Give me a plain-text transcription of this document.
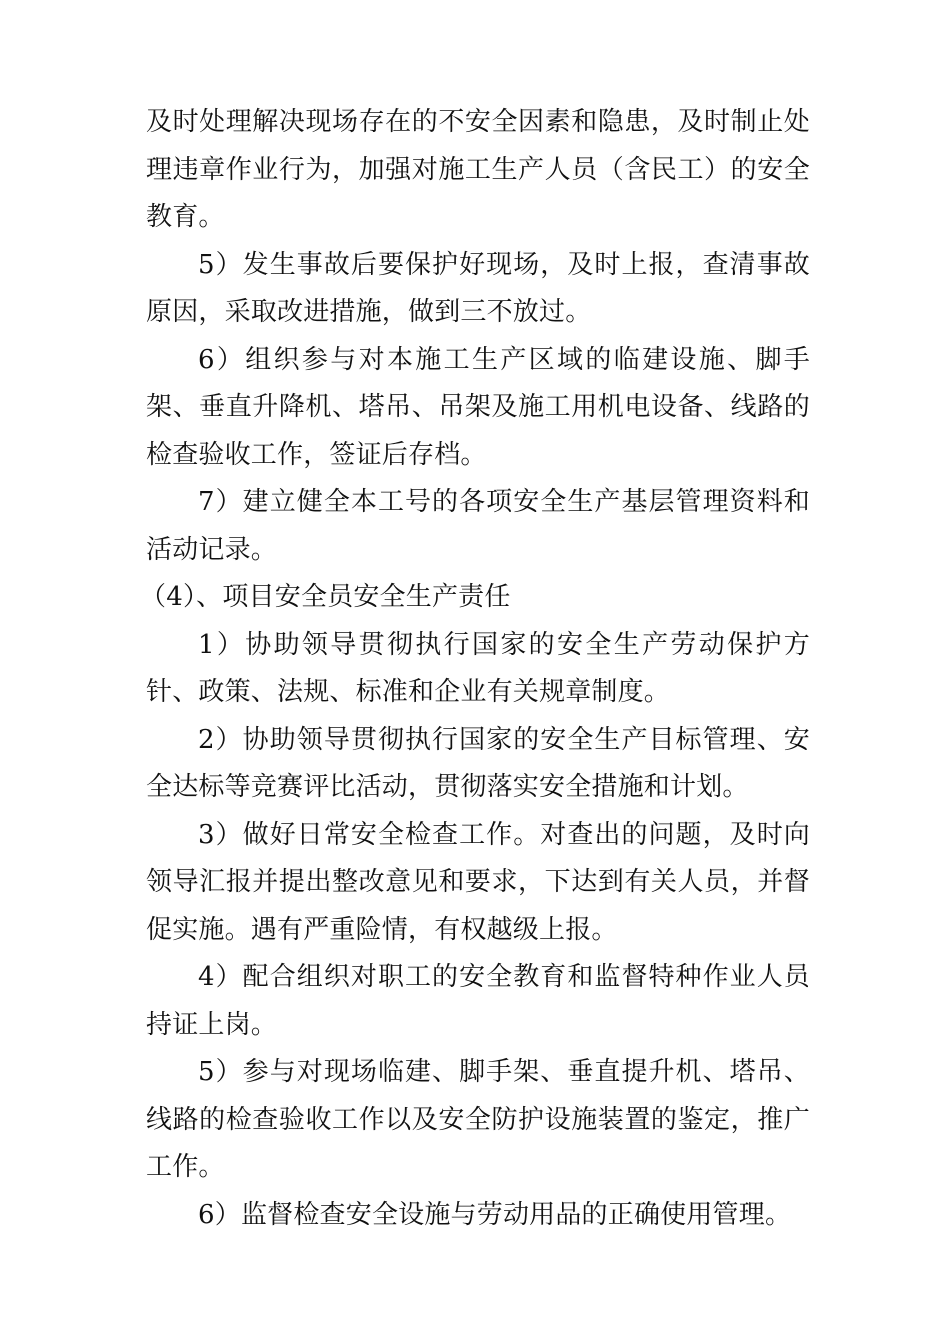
及时处理解决现场存在的不安全因素和隐患，及时制止处理违章作业行为，加强对施工生产人员（含民工）的安全教育。

5）发生事故后要保护好现场，及时上报，查清事故原因，采取改进措施，做到三不放过。

6）组织参与对本施工生产区域的临建设施、脚手架、垂直升降机、塔吊、吊架及施工用机电设备、线路的检查验收工作，签证后存档。

7）建立健全本工号的各项安全生产基层管理资料和活动记录。

（4）、项目安全员安全生产责任

1）协助领导贯彻执行国家的安全生产劳动保护方针、政策、法规、标准和企业有关规章制度。

2）协助领导贯彻执行国家的安全生产目标管理、安全达标等竞赛评比活动，贯彻落实安全措施和计划。

3）做好日常安全检查工作。对查出的问题，及时向领导汇报并提出整改意见和要求，下达到有关人员，并督促实施。遇有严重险情，有权越级上报。

4）配合组织对职工的安全教育和监督特种作业人员持证上岗。

5）参与对现场临建、脚手架、垂直提升机、塔吊、线路的检查验收工作以及安全防护设施装置的鉴定，推广工作。

6）监督检查安全设施与劳动用品的正确使用管理。
